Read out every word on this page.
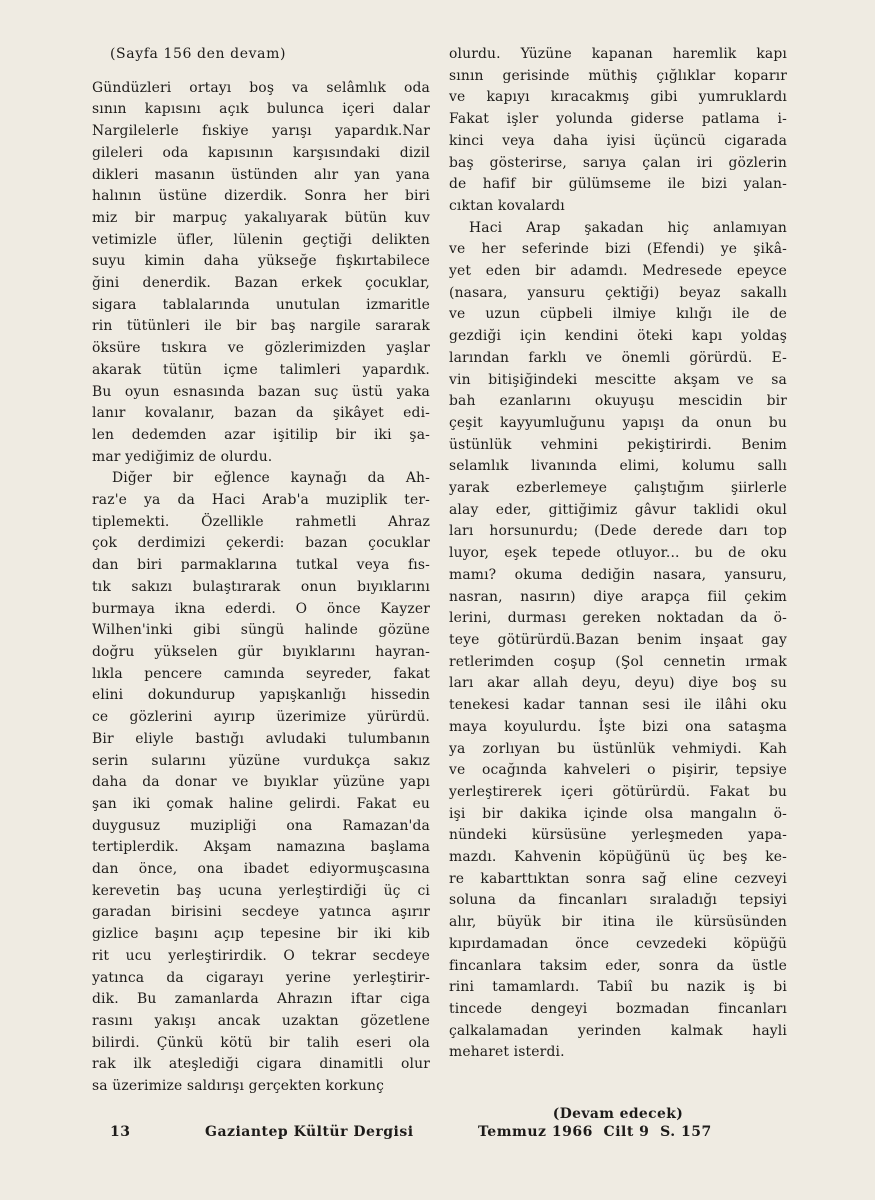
(Sayfa 156 den devam)
Gündüzleri ortayı boş va selâmlık oda
sının kapısını açık bulunca içeri dalar
Nargilelerle fıskiye yarışı yapardık.Nar
gileleri oda kapısının karşısındaki dizil
dikleri masanın üstünden alır yan yana
halının üstüne dizerdik. Sonra her biri
miz bir marpuç yakalıyarak bütün kuv
vetimizle üfler, lülenin geçtiği delikten
suyu kimin daha yükseğe fışkırtabilece
ğini denerdik. Bazan erkek çocuklar,
sigara tablalarında unutulan izmaritle
rin tütünleri ile bir baş nargile sararak
öksüre tıskıra ve gözlerimizden yaşlar
akarak tütün içme talimleri yapardık.
Bu oyun esnasında bazan suç üstü yaka
lanır kovalanır, bazan da şikâyet edi-
len dedemden azar işitilip bir iki şa-
mar yediğimiz de olurdu.
Diğer bir eğlence kaynağı da Ah-
raz'e ya da Haci Arab'a muziplik ter-
tiplemekti. Özellikle rahmetli Ahraz
çok derdimizi çekerdi: bazan çocuklar
dan biri parmaklarına tutkal veya fıs-
tık sakızı bulaştırarak onun bıyıklarını
burmaya ikna ederdi. O önce Kayzer
Wilhen'inki gibi süngü halinde gözüne
doğru yükselen gür bıyıklarını hayran-
lıkla pencere camında seyreder, fakat
elini dokundurup yapışkanlığı hissedin
ce gözlerini ayırıp üzerimize yürürdü.
Bir eliyle bastığı avludaki tulumbanın
serin sularını yüzüne vurdukça sakız
daha da donar ve bıyıklar yüzüne yapı
şan iki çomak haline gelirdi. Fakat eu
duygusuz muzipliği ona Ramazan'da
tertiplerdik. Akşam namazına başlama
dan önce, ona ibadet ediyormuşcasına
kerevetin baş ucuna yerleştirdiği üç ci
garadan birisini secdeye yatınca aşırır
gizlice başını açıp tepesine bir iki kib
rit ucu yerleştirirdik. O tekrar secdeye
yatınca da cigarayı yerine yerleştirir-
dik. Bu zamanlarda Ahrazın iftar ciga
rasını yakışı ancak uzaktan gözetlene
bilirdi. Çünkü kötü bir talih eseri ola
rak ilk ateşlediği cigara dinamitli olur
sa üzerimize saldırışı gerçekten korkunç
olurdu. Yüzüne kapanan haremlik kapı
sının gerisinde müthiş çığlıklar koparır
ve kapıyı kıracakmış gibi yumruklardı
Fakat işler yolunda giderse patlama i-
kinci veya daha iyisi üçüncü cigarada
baş gösterirse, sarıya çalan iri gözlerin
de hafif bir gülümseme ile bizi yalan-
cıktan kovalardı
Haci Arap şakadan hiç anlamıyan
ve her seferinde bizi (Efendi) ye şikâ-
yet eden bir adamdı. Medresede epeyce
(nasara, yansuru çektiği) beyaz sakallı
ve uzun cüpbeli ilmiye kılığı ile de
gezdiği için kendini öteki kapı yoldaş
larından farklı ve önemli görürdü. E-
vin bitişiğindeki mescitte akşam ve sa
bah ezanlarını okuyuşu mescidin bir
çeşit kayyumluğunu yapışı da onun bu
üstünlük vehmini pekiştirirdi. Benim
selamlık livanında elimi, kolumu sallı
yarak ezberlemeye çalıştığım şiirlerle
alay eder, gittiğimiz gâvur taklidi okul
ları horsunurdu; (Dede derede darı top
luyor, eşek tepede otluyor... bu de oku
mamı? okuma dediğin nasara, yansuru,
nasran, nasırın) diye arapça fiil çekim
lerini, durması gereken noktadan da ö-
teye götürürdü.Bazan benim inşaat gay
retlerimden coşup (Şol cennetin ırmak
ları akar allah deyu, deyu) diye boş su
tenekesi kadar tannan sesi ile ilâhi oku
maya koyulurdu. İşte bizi ona sataşma
ya zorlıyan bu üstünlük vehmiydi. Kah
ve ocağında kahveleri o pişirir, tepsiye
yerleştirerek içeri götürürdü. Fakat bu
işi bir dakika içinde olsa mangalın ö-
nündeki kürsüsüne yerleşmeden yapa-
mazdı. Kahvenin köpüğünü üç beş ke-
re kabarttıktan sonra sağ eline cezveyi
soluna da fincanları sıraladığı tepsiyi
alır, büyük bir itina ile kürsüsünden
kıpırdamadan önce cevzedeki köpüğü
fincanlara taksim eder, sonra da üstle
rini tamamlardı. Tabiî bu nazik iş bi
tincede dengeyi bozmadan fincanları
çalkalamadan yerinden kalmak hayli
meharet isterdi.
(Devam edecek)
13	Gaziantep Kültür Dergisi	Temmuz 1966  Cilt 9  S. 157
